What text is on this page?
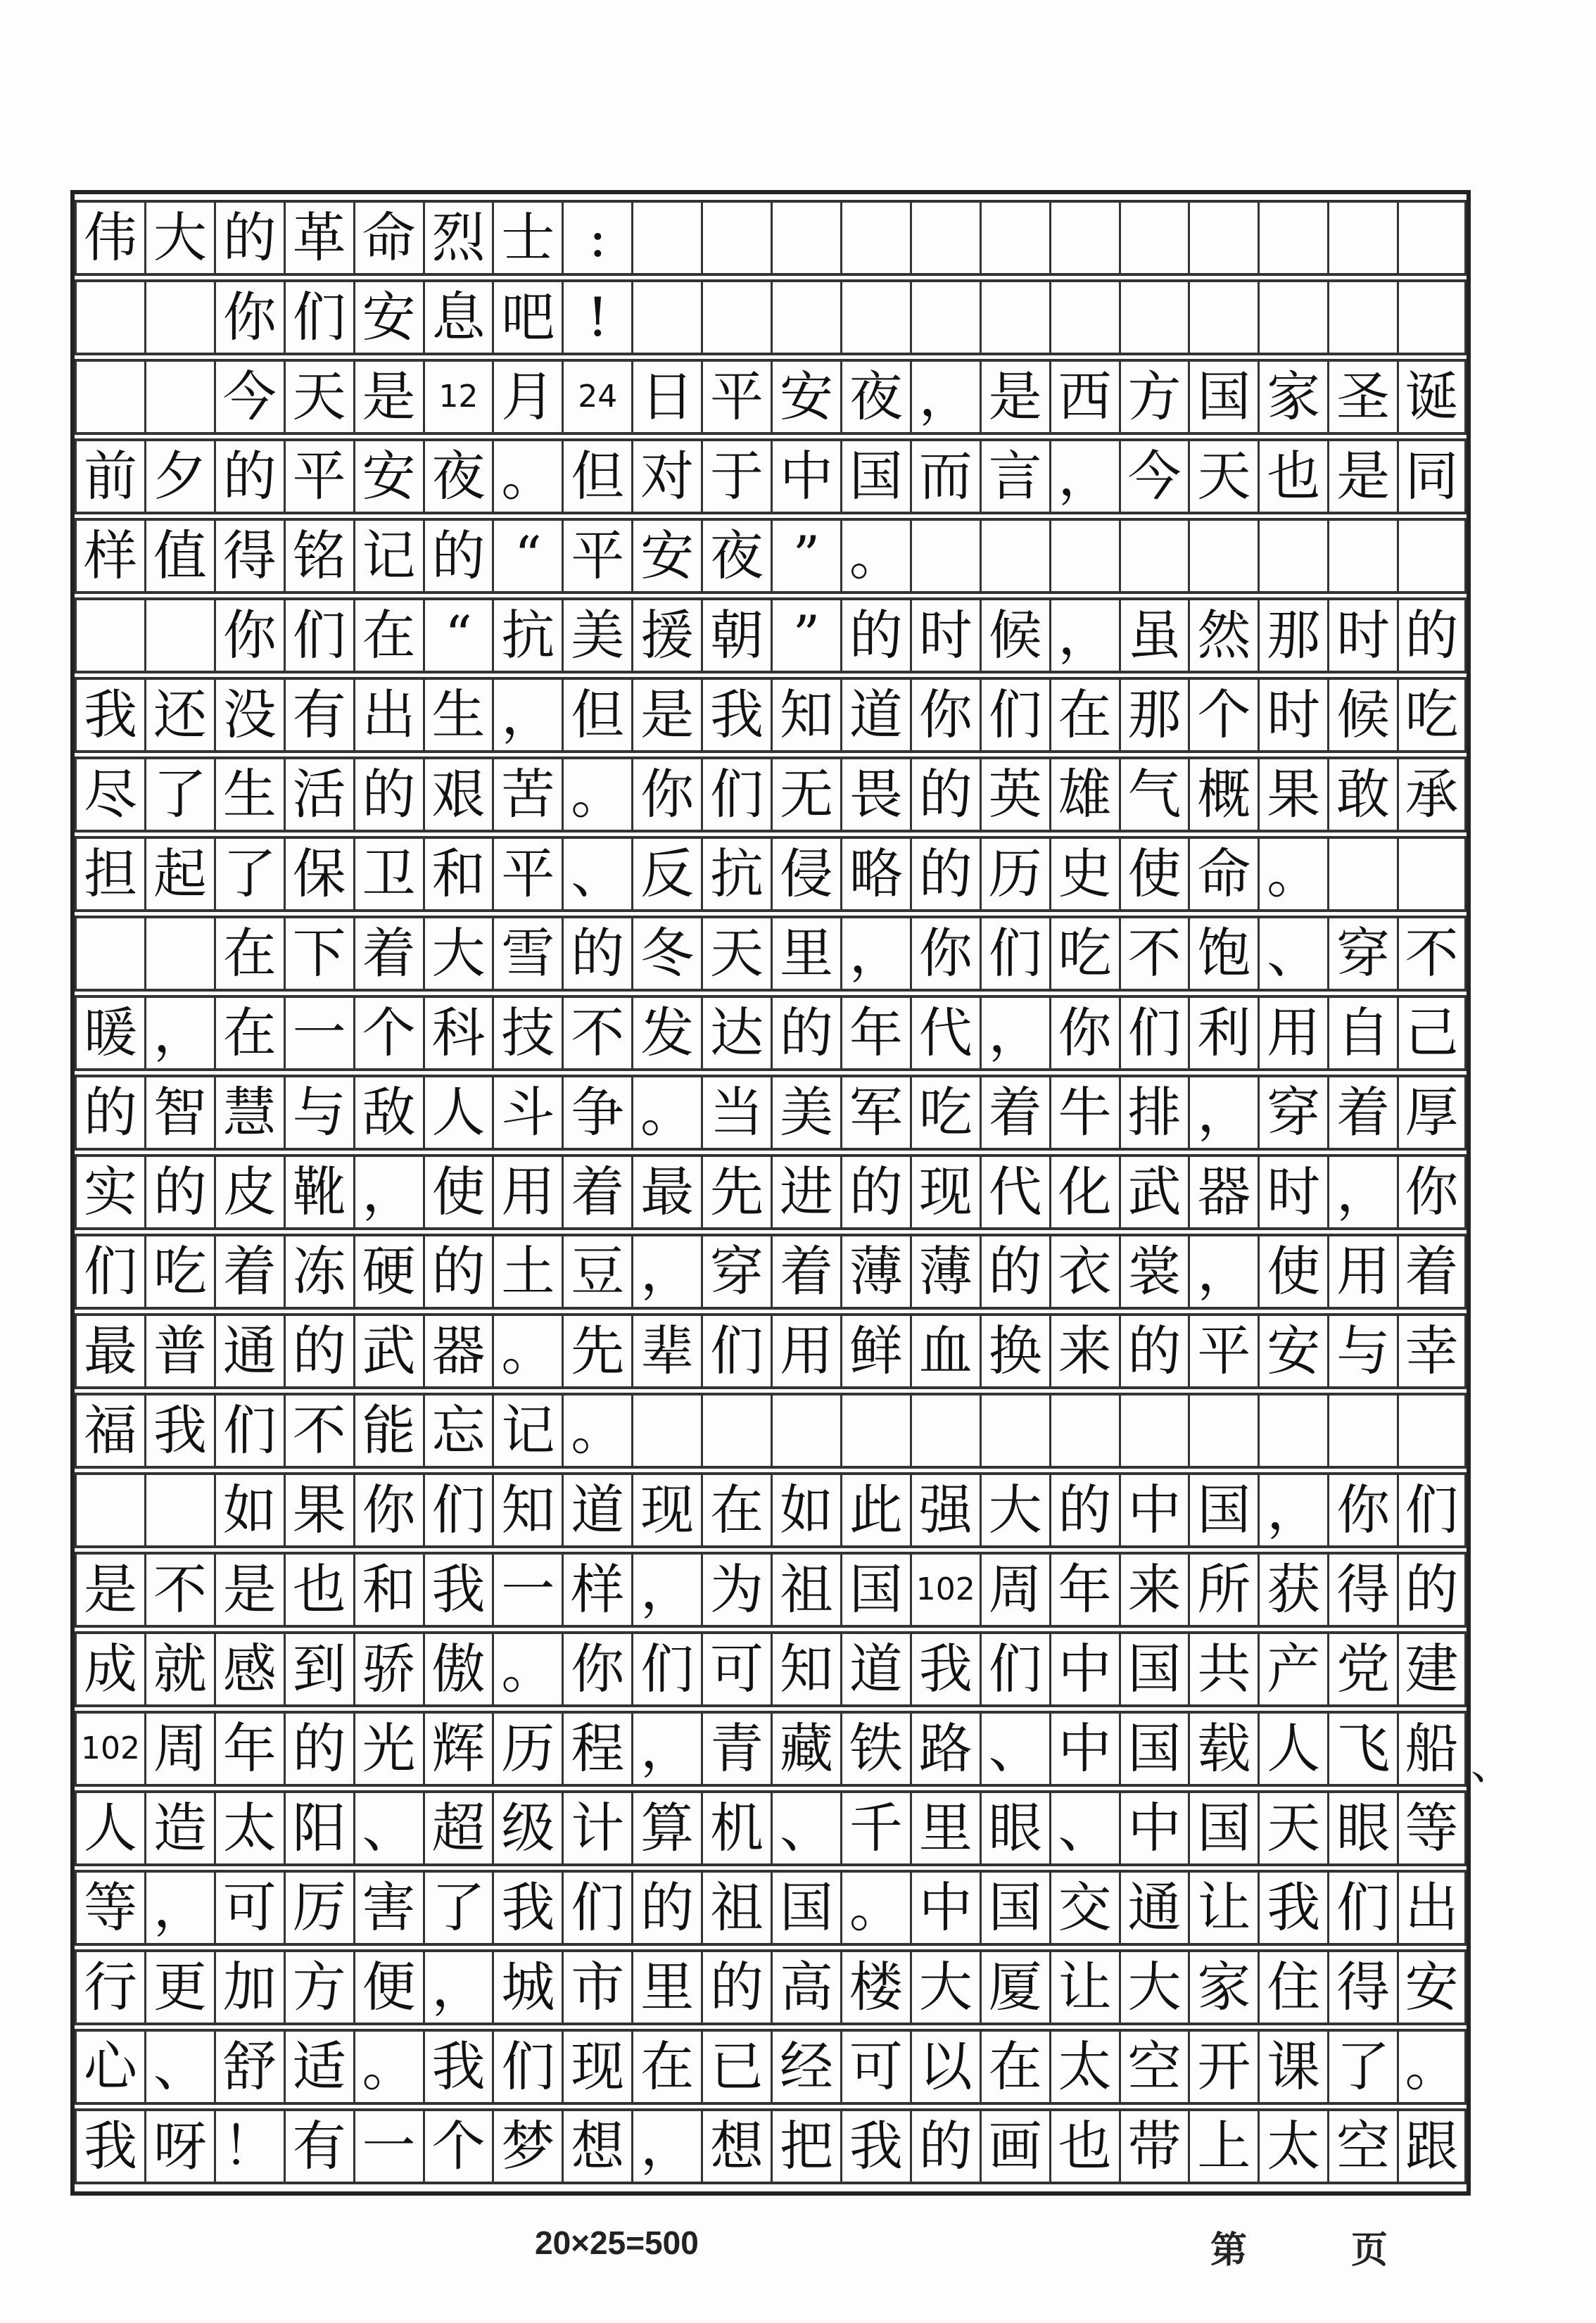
伟 大 的 革 命 烈 士 :
你 们 安 息 吧 !
今 天 是 12 月 24 日 平 安 夜 ， 是 西 方 国 家 圣 诞
前 夕 的 平 安 夜 。 但 对 于 中 国 而 言 ， 今 天 也 是 同
样 值 得 铭 记 的 “ 平 安 夜 ” 。
你 们 在 “ 抗 美 援 朝 ” 的 时 候 ， 虽 然 那 时 的
我 还 没 有 出 生 ， 但 是 我 知 道 你 们 在 那 个 时 候 吃
尽 了 生 活 的 艰 苦 。 你 们 无 畏 的 英 雄 气 概 果 敢 承
担 起 了 保 卫 和 平 、 反 抗 侵 略 的 历 史 使 命 。
在 下 着 大 雪 的 冬 天 里 ， 你 们 吃 不 饱 、 穿 不
暖 ， 在 一 个 科 技 不 发 达 的 年 代 ， 你 们 利 用 自 己
的 智 慧 与 敌 人 斗 争 。 当 美 军 吃 着 牛 排 ， 穿 着 厚
实 的 皮 靴 ， 使 用 着 最 先 进 的 现 代 化 武 器 时 ， 你
们 吃 着 冻 硬 的 土 豆 ， 穿 着 薄 薄 的 衣 裳 ， 使 用 着
最 普 通 的 武 器 。 先 辈 们 用 鲜 血 换 来 的 平 安 与 幸
福 我 们 不 能 忘 记 。
如 果 你 们 知 道 现 在 如 此 强 大 的 中 国 ， 你 们
是 不 是 也 和 我 一 样 ， 为 祖 国 102 周 年 来 所 获 得 的
成 就 感 到 骄 傲 。 你 们 可 知 道 我 们 中 国 共 产 党 建
102 周 年 的 光 辉 历 程 ， 青 藏 铁 路 、 中 国 载 人 飞 船
人 造 太 阳 、 超 级 计 算 机 、 千 里 眼 、 中 国 天 眼 等
等 ， 可 厉 害 了 我 们 的 祖 国 。 中 国 交 通 让 我 们 出
行 更 加 方 便 ， 城 市 里 的 高 楼 大 厦 让 大 家 住 得 安
心 、 舒 适 。 我 们 现 在 已 经 可 以 在 太 空 开 课 了 。
我 呀 ！ 有 一 个 梦 想 ， 想 把 我 的 画 也 带 上 太 空 跟
、
20×25=500	第	页
